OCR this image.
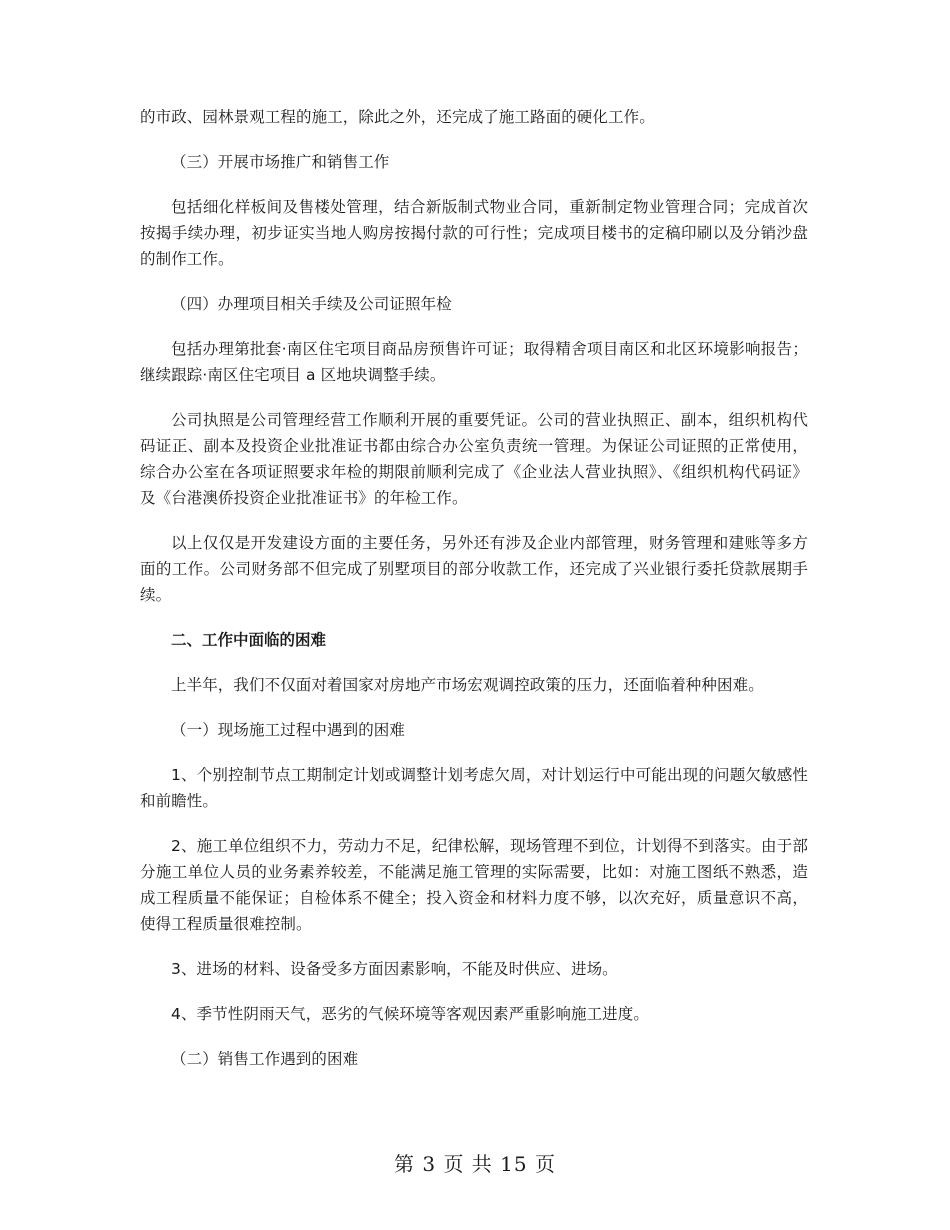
的市政、园林景观工程的施工，除此之外，还完成了施工路面的硬化工作。

（三）开展市场推广和销售工作

包括细化样板间及售楼处管理，结合新版制式物业合同，重新制定物业管理合同；完成首次按揭手续办理，初步证实当地人购房按揭付款的可行性；完成项目楼书的定稿印刷以及分销沙盘的制作工作。

（四）办理项目相关手续及公司证照年检

包括办理第批套·南区住宅项目商品房预售许可证；取得精舍项目南区和北区环境影响报告；继续跟踪·南区住宅项目 a 区地块调整手续。

公司执照是公司管理经营工作顺利开展的重要凭证。公司的营业执照正、副本，组织机构代码证正、副本及投资企业批准证书都由综合办公室负责统一管理。为保证公司证照的正常使用，综合办公室在各项证照要求年检的期限前顺利完成了《企业法人营业执照》、《组织机构代码证》及《台港澳侨投资企业批准证书》的年检工作。

以上仅仅是开发建设方面的主要任务，另外还有涉及企业内部管理，财务管理和建账等多方面的工作。公司财务部不但完成了别墅项目的部分收款工作，还完成了兴业银行委托贷款展期手续。

二、工作中面临的困难

上半年，我们不仅面对着国家对房地产市场宏观调控政策的压力，还面临着种种困难。

（一）现场施工过程中遇到的困难

1、个别控制节点工期制定计划或调整计划考虑欠周，对计划运行中可能出现的问题欠敏感性和前瞻性。

2、施工单位组织不力，劳动力不足，纪律松解，现场管理不到位，计划得不到落实。由于部分施工单位人员的业务素养较差，不能满足施工管理的实际需要，比如：对施工图纸不熟悉，造成工程质量不能保证；自检体系不健全；投入资金和材料力度不够，以次充好，质量意识不高，使得工程质量很难控制。

3、进场的材料、设备受多方面因素影响，不能及时供应、进场。

4、季节性阴雨天气，恶劣的气候环境等客观因素严重影响施工进度。

（二）销售工作遇到的困难

第 3 页 共 15 页
